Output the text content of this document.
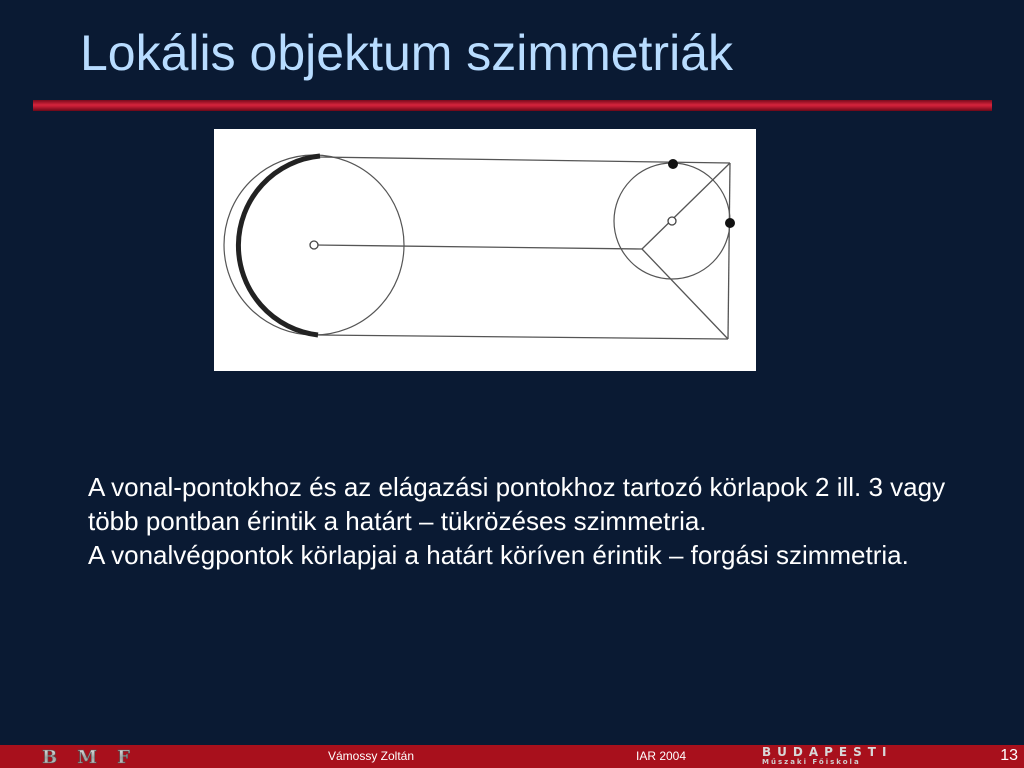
Lokális objektum szimmetriák

A vonal-pontokhoz és az elágazási pontokhoz tartozó körlapok 2 ill. 3 vagy több pontban érintik a határt – tükrözéses szimmetria.

A vonalvégpontok körlapjai a határt köríven érintik – forgási szimmetria.

BMF	Vámossy Zoltán	IAR 2004	BUDAPESTI
Műszaki Főiskola	13
